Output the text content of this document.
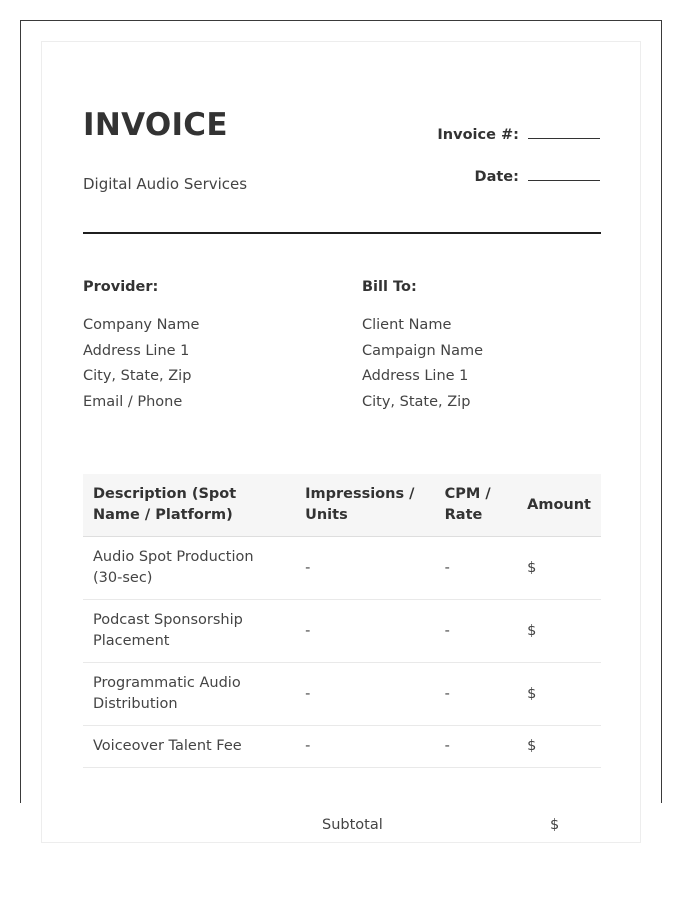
INVOICE
Digital Audio Services
Invoice #:
Date:
Provider:
Company Name
Address Line 1
City, State, Zip
Email / Phone
Bill To:
Client Name
Campaign Name
Address Line 1
City, State, Zip
Description (Spot Name / Platform)	Impressions / Units	CPM / Rate	Amount
Audio Spot Production (30-sec)	-	-	$
Podcast Sponsorship Placement	-	-	$
Programmatic Audio Distribution	-	-	$
Voiceover Talent Fee	-	-	$
Subtotal	$
